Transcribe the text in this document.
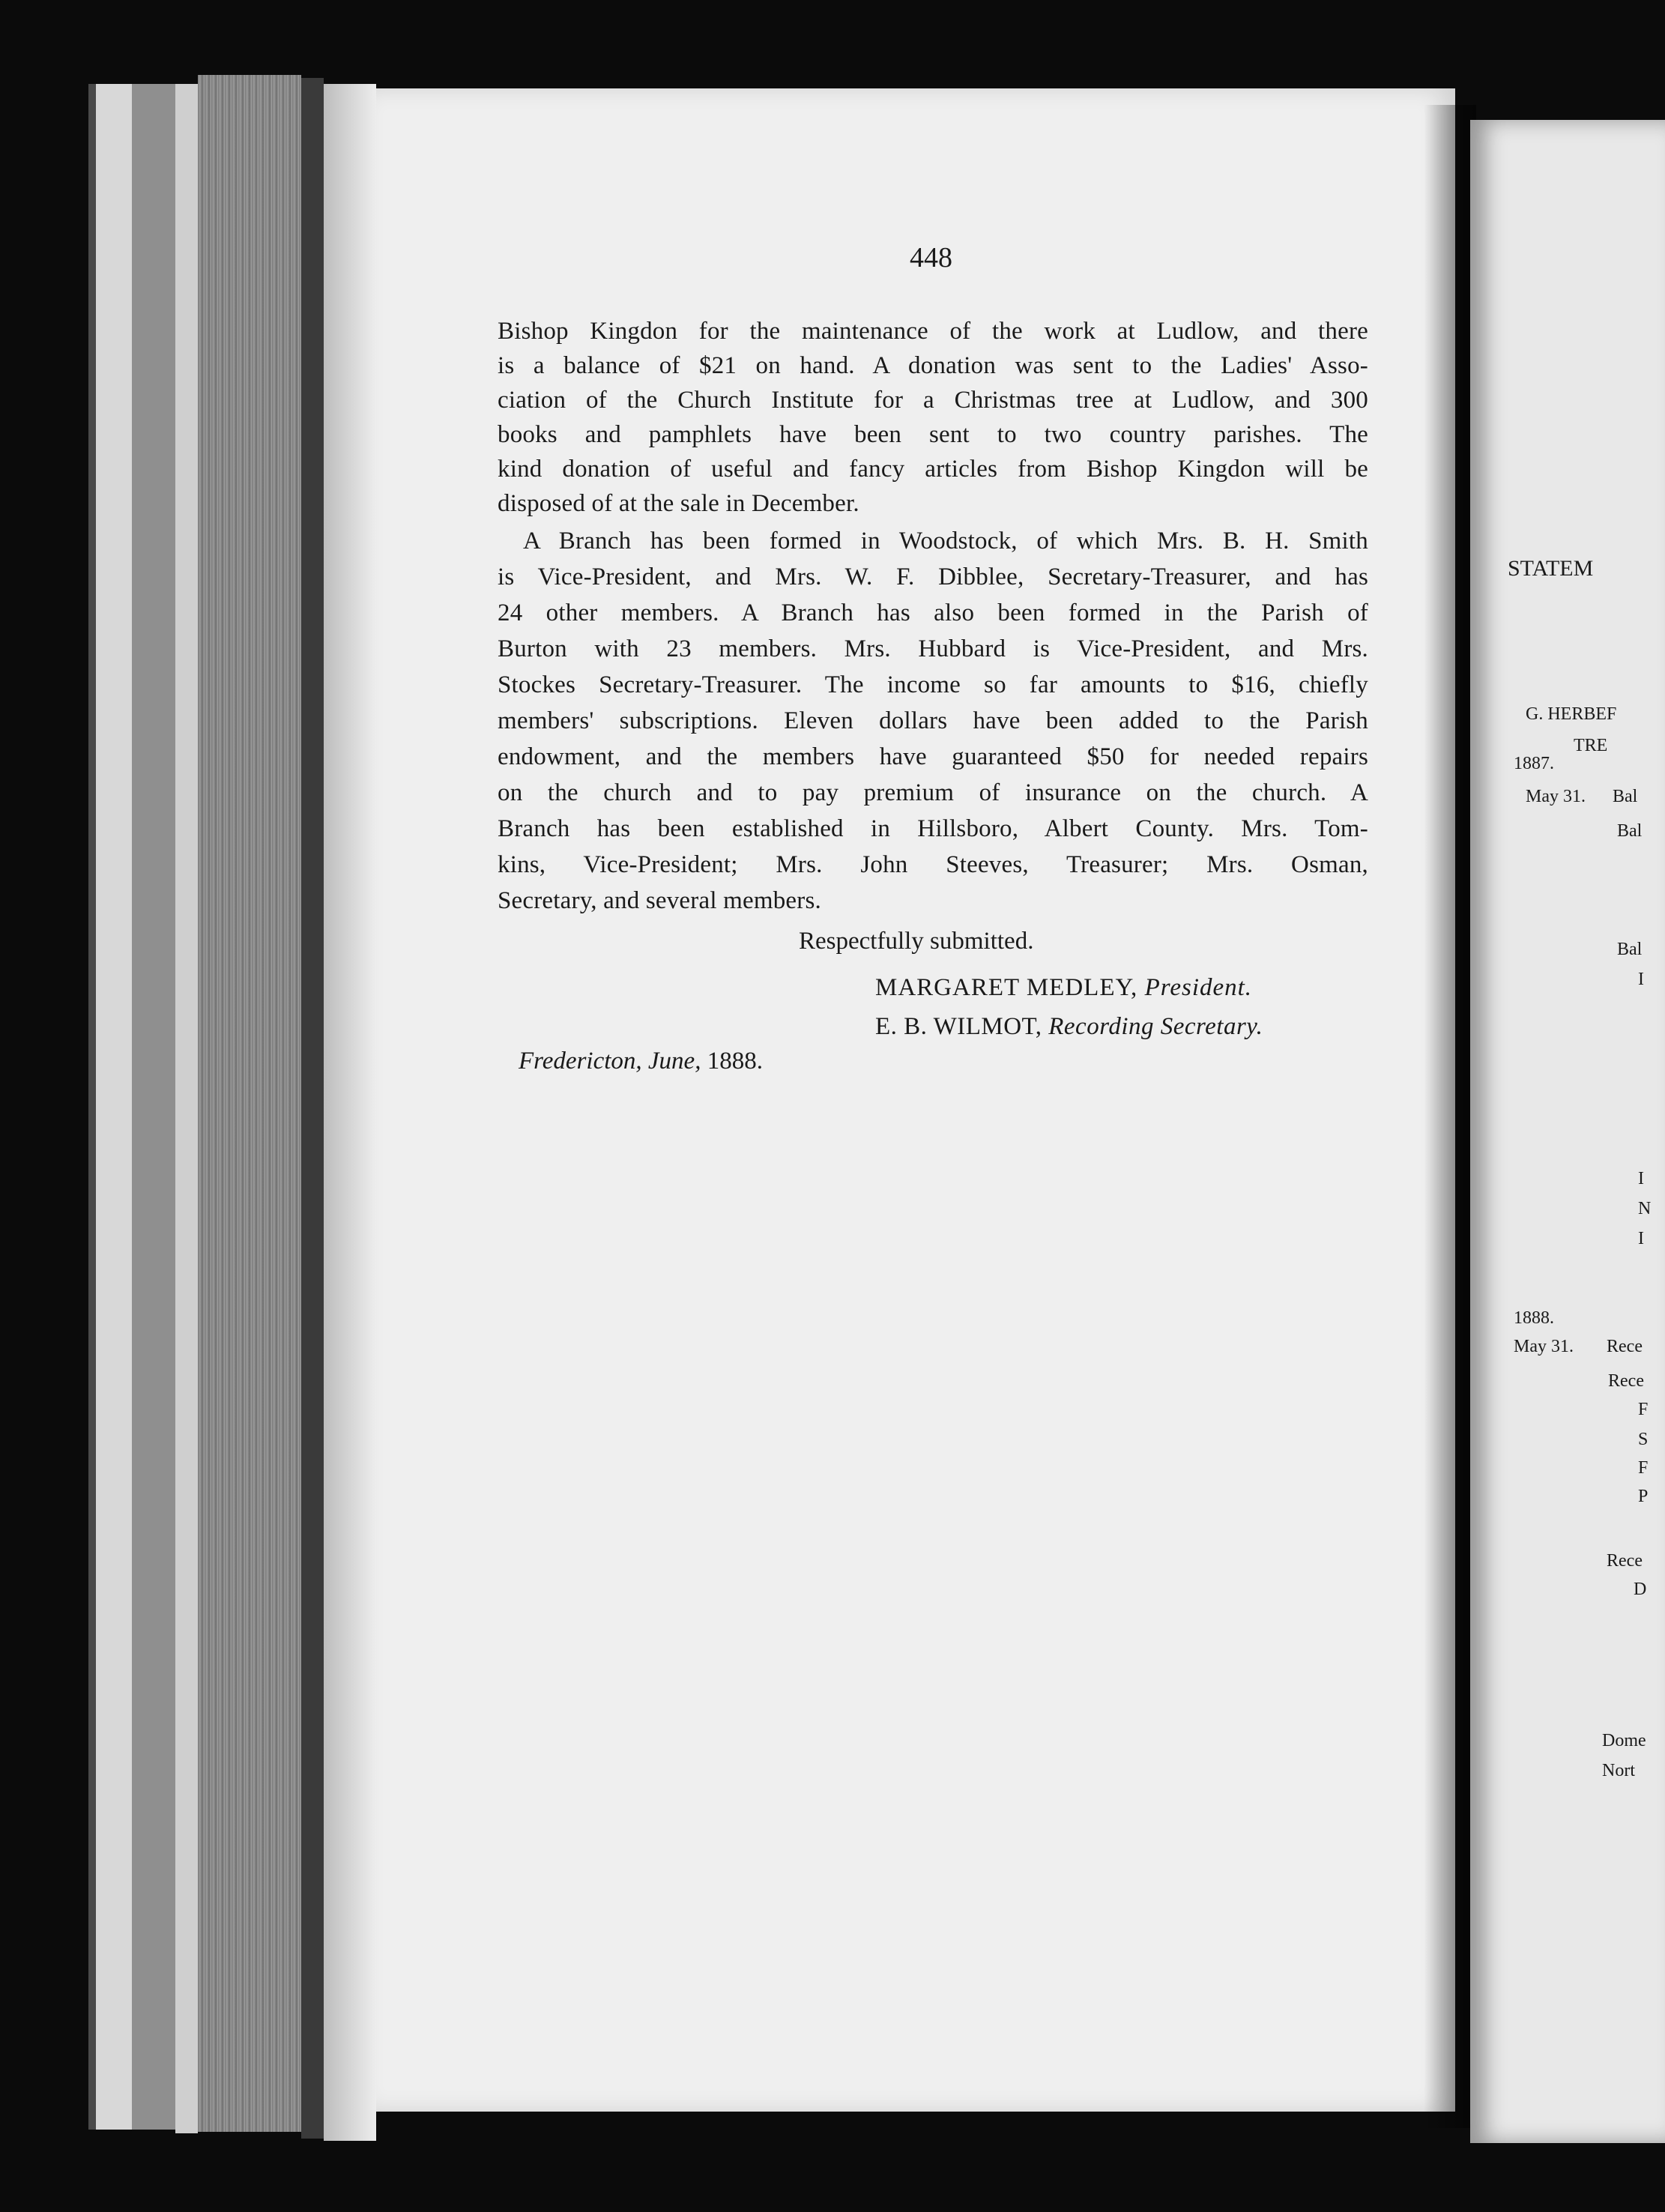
448

Bishop Kingdon for the maintenance of the work at Ludlow, and there

is a balance of $21 on hand. A donation was sent to the Ladies' Asso-

ciation of the Church Institute for a Christmas tree at Ludlow, and 300

books and pamphlets have been sent to two country parishes. The

kind donation of useful and fancy articles from Bishop Kingdon will be

disposed of at the sale in December.

A Branch has been formed in Woodstock, of which Mrs. B. H. Smith

is Vice-President, and Mrs. W. F. Dibblee, Secretary-Treasurer, and has

24 other members. A Branch has also been formed in the Parish of

Burton with 23 members. Mrs. Hubbard is Vice-President, and Mrs.

Stockes Secretary-Treasurer. The income so far amounts to $16, chiefly

members' subscriptions. Eleven dollars have been added to the Parish

endowment, and the members have guaranteed $50 for needed repairs

on the church and to pay premium of insurance on the church. A

Branch has been established in Hillsboro, Albert County. Mrs. Tom-

kins, Vice-President; Mrs. John Steeves, Treasurer; Mrs. Osman,

Secretary, and several members.

Respectfully submitted.

MARGARET MEDLEY, President.

E. B. WILMOT, Recording Secretary.

Fredericton, June, 1888.

STATEM

G. HERBEF

TRE

1887.

May 31. Bal

Bal

Bal

I

I

N

I

1888.

May 31. Rece

Rece

F

S

F

P

Rece

D

Dome

Nort
